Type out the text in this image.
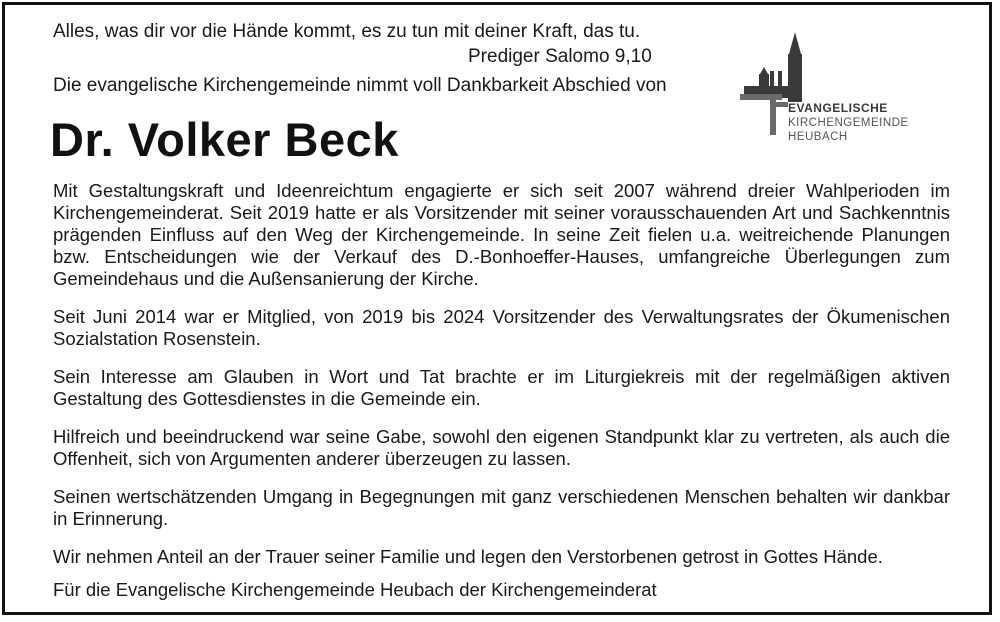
Alles, was dir vor die Hände kommt, es zu tun mit deiner Kraft, das tu.
Prediger Salomo 9,10
Die evangelische Kirchengemeinde nimmt voll Dankbarkeit Abschied von
Dr. Volker Beck
EVANGELISCHE
KIRCHENGEMEINDE
HEUBACH

Mit Gestaltungskraft und Ideenreichtum engagierte er sich seit 2007 während dreier Wahlperioden im Kirchengemeinderat. Seit 2019 hatte er als Vorsitzender mit seiner vorausschauenden Art und Sachkenntnis prägenden Einfluss auf den Weg der Kirchengemeinde. In seine Zeit fielen u.a. weitreichende Planungen bzw. Entscheidungen wie der Verkauf des D.-Bonhoeffer-Hauses, umfangreiche Überlegungen zum Gemeindehaus und die Außensanierung der Kirche.

Seit Juni 2014 war er Mitglied, von 2019 bis 2024 Vorsitzender des Verwaltungsrates der Ökumenischen Sozialstation Rosenstein.

Sein Interesse am Glauben in Wort und Tat brachte er im Liturgiekreis mit der regelmäßigen aktiven Gestaltung des Gottesdienstes in die Gemeinde ein.

Hilfreich und beeindruckend war seine Gabe, sowohl den eigenen Standpunkt klar zu vertreten, als auch die Offenheit, sich von Argumenten anderer überzeugen zu lassen.

Seinen wertschätzenden Umgang in Begegnungen mit ganz verschiedenen Menschen behalten wir dankbar in Erinnerung.

Wir nehmen Anteil an der Trauer seiner Familie und legen den Verstorbenen getrost in Gottes Hände.

Für die Evangelische Kirchengemeinde Heubach der Kirchengemeinderat
